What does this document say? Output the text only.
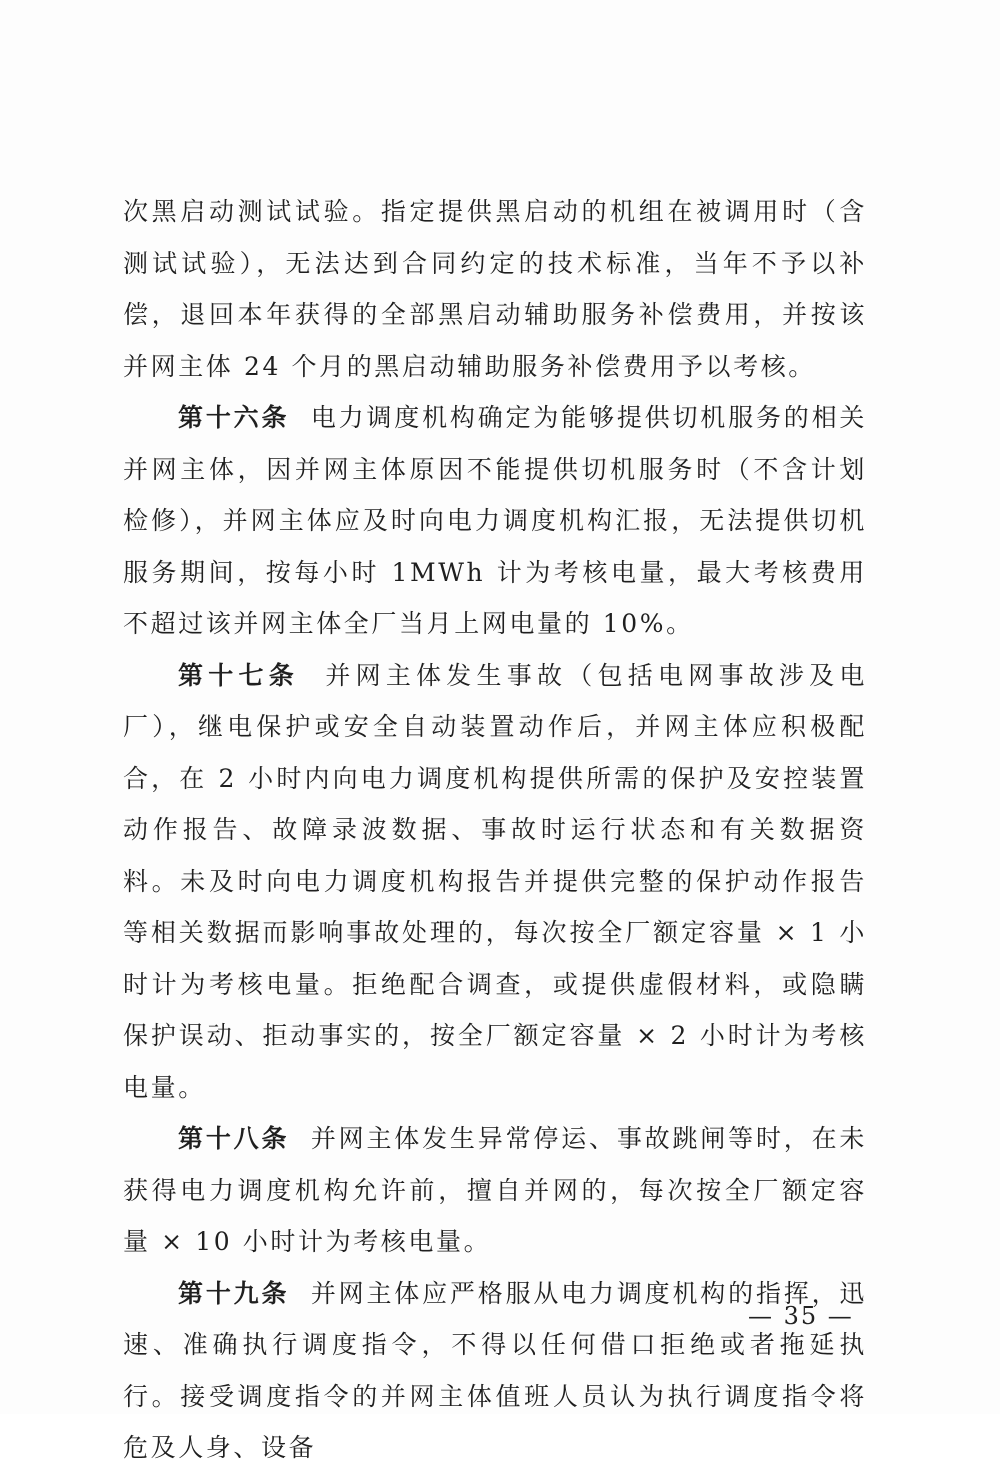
次黑启动测试试验。指定提供黑启动的机组在被调用时（含测试试验），无法达到合同约定的技术标准，当年不予以补偿，退回本年获得的全部黑启动辅助服务补偿费用，并按该并网主体 24 个月的黑启动辅助服务补偿费用予以考核。

第十六条 电力调度机构确定为能够提供切机服务的相关并网主体，因并网主体原因不能提供切机服务时（不含计划检修），并网主体应及时向电力调度机构汇报，无法提供切机服务期间，按每小时 1MWh 计为考核电量，最大考核费用不超过该并网主体全厂当月上网电量的 10%。

第十七条 并网主体发生事故（包括电网事故涉及电厂），继电保护或安全自动装置动作后，并网主体应积极配合，在 2 小时内向电力调度机构提供所需的保护及安控装置动作报告、故障录波数据、事故时运行状态和有关数据资料。未及时向电力调度机构报告并提供完整的保护动作报告等相关数据而影响事故处理的，每次按全厂额定容量 × 1 小时计为考核电量。拒绝配合调查，或提供虚假材料，或隐瞒保护误动、拒动事实的，按全厂额定容量 × 2 小时计为考核电量。

第十八条 并网主体发生异常停运、事故跳闸等时，在未获得电力调度机构允许前，擅自并网的，每次按全厂额定容量 × 10 小时计为考核电量。

第十九条 并网主体应严格服从电力调度机构的指挥，迅速、准确执行调度指令，不得以任何借口拒绝或者拖延执行。接受调度指令的并网主体值班人员认为执行调度指令将危及人身、设备

— 35 —
